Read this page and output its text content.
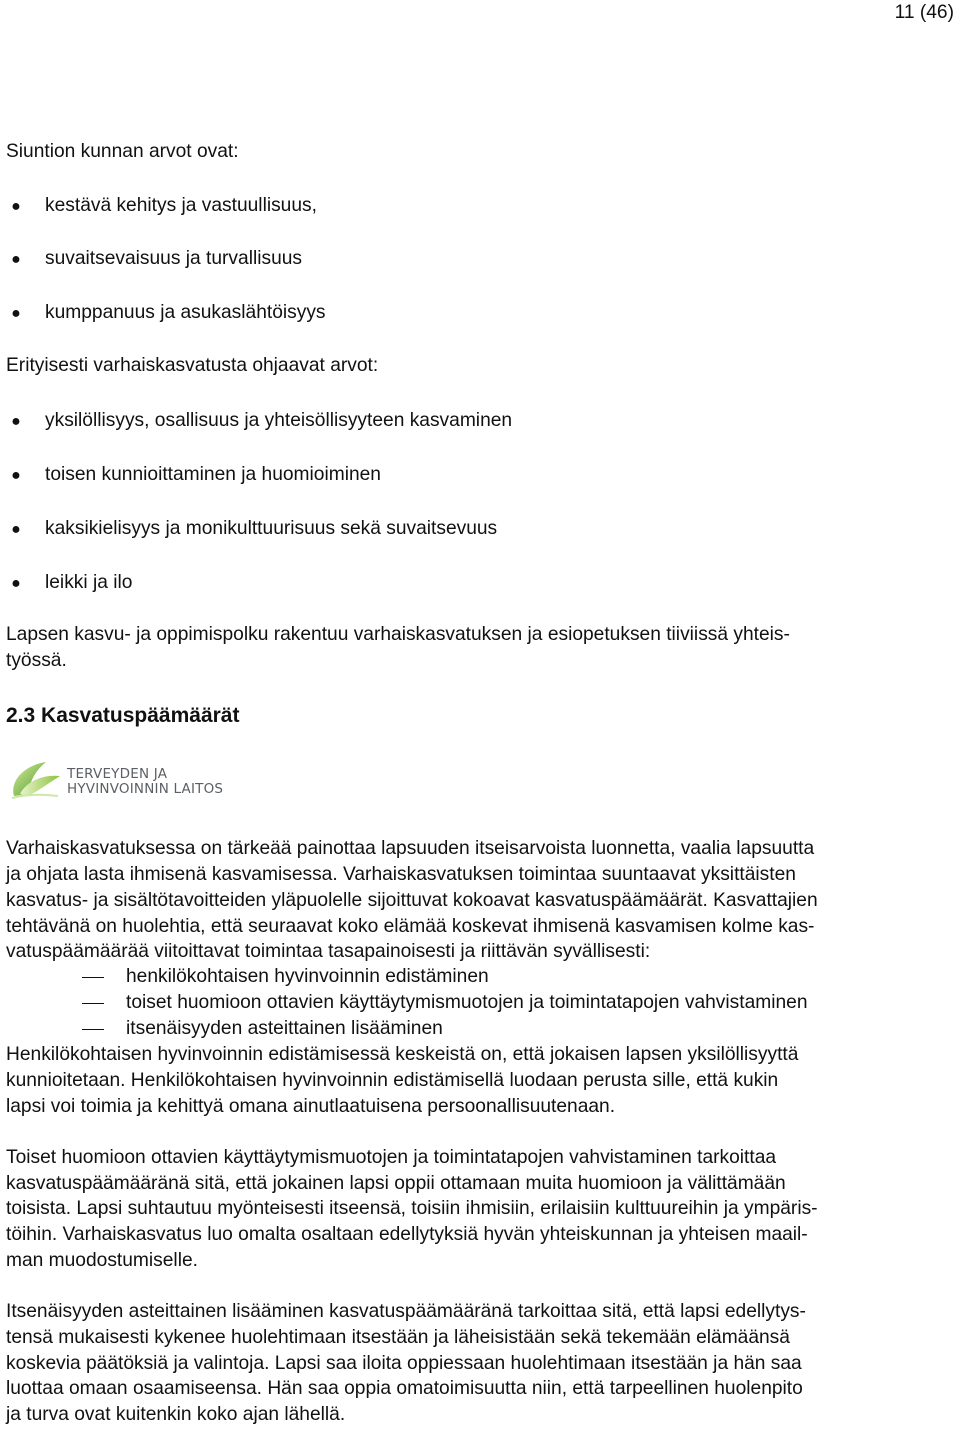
11 (46)
Siuntion kunnan arvot ovat:
● kestävä kehitys ja vastuullisuus,
● suvaitsevaisuus ja turvallisuus
● kumppanuus ja asukaslähtöisyys
Erityisesti varhaiskasvatusta ohjaavat arvot:
● yksilöllisyys, osallisuus ja yhteisöllisyyteen kasvaminen
● toisen kunnioittaminen ja huomioiminen
● kaksikielisyys ja monikulttuurisuus sekä suvaitsevuus
● leikki ja ilo
Lapsen kasvu- ja oppimispolku rakentuu varhaiskasvatuksen ja esiopetuksen tiiviissä yhteis-
työssä.
2.3 Kasvatuspäämäärät
TERVEYDEN JA
HYVINVOINNIN LAITOS
Varhaiskasvatuksessa on tärkeää painottaa lapsuuden itseisarvoista luonnetta, vaalia lapsuutta
ja ohjata lasta ihmisenä kasvamisessa. Varhaiskasvatuksen toimintaa suuntaavat yksittäisten
kasvatus- ja sisältötavoitteiden yläpuolelle sijoittuvat kokoavat kasvatuspäämäärät. Kasvattajien
tehtävänä on huolehtia, että seuraavat koko elämää koskevat ihmisenä kasvamisen kolme kas-
vatuspäämäärää viitoittavat toimintaa tasapainoisesti ja riittävän syvällisesti:
henkilökohtaisen hyvinvoinnin edistäminen
toiset huomioon ottavien käyttäytymismuotojen ja toimintatapojen vahvistaminen
itsenäisyyden asteittainen lisääminen
Henkilökohtaisen hyvinvoinnin edistämisessä keskeistä on, että jokaisen lapsen yksilöllisyyttä
kunnioitetaan. Henkilökohtaisen hyvinvoinnin edistämisellä luodaan perusta sille, että kukin
lapsi voi toimia ja kehittyä omana ainutlaatuisena persoonallisuutenaan.
Toiset huomioon ottavien käyttäytymismuotojen ja toimintatapojen vahvistaminen tarkoittaa
kasvatuspäämääränä sitä, että jokainen lapsi oppii ottamaan muita huomioon ja välittämään
toisista. Lapsi suhtautuu myönteisesti itseensä, toisiin ihmisiin, erilaisiin kulttuureihin ja ympäris-
töihin. Varhaiskasvatus luo omalta osaltaan edellytyksiä hyvän yhteiskunnan ja yhteisen maail-
man muodostumiselle.
Itsenäisyyden asteittainen lisääminen kasvatuspäämääränä tarkoittaa sitä, että lapsi edellytys-
tensä mukaisesti kykenee huolehtimaan itsestään ja läheisistään sekä tekemään elämäänsä
koskevia päätöksiä ja valintoja. Lapsi saa iloita oppiessaan huolehtimaan itsestään ja hän saa
luottaa omaan osaamiseensa. Hän saa oppia omatoimisuutta niin, että tarpeellinen huolenpito
ja turva ovat kuitenkin koko ajan lähellä.
